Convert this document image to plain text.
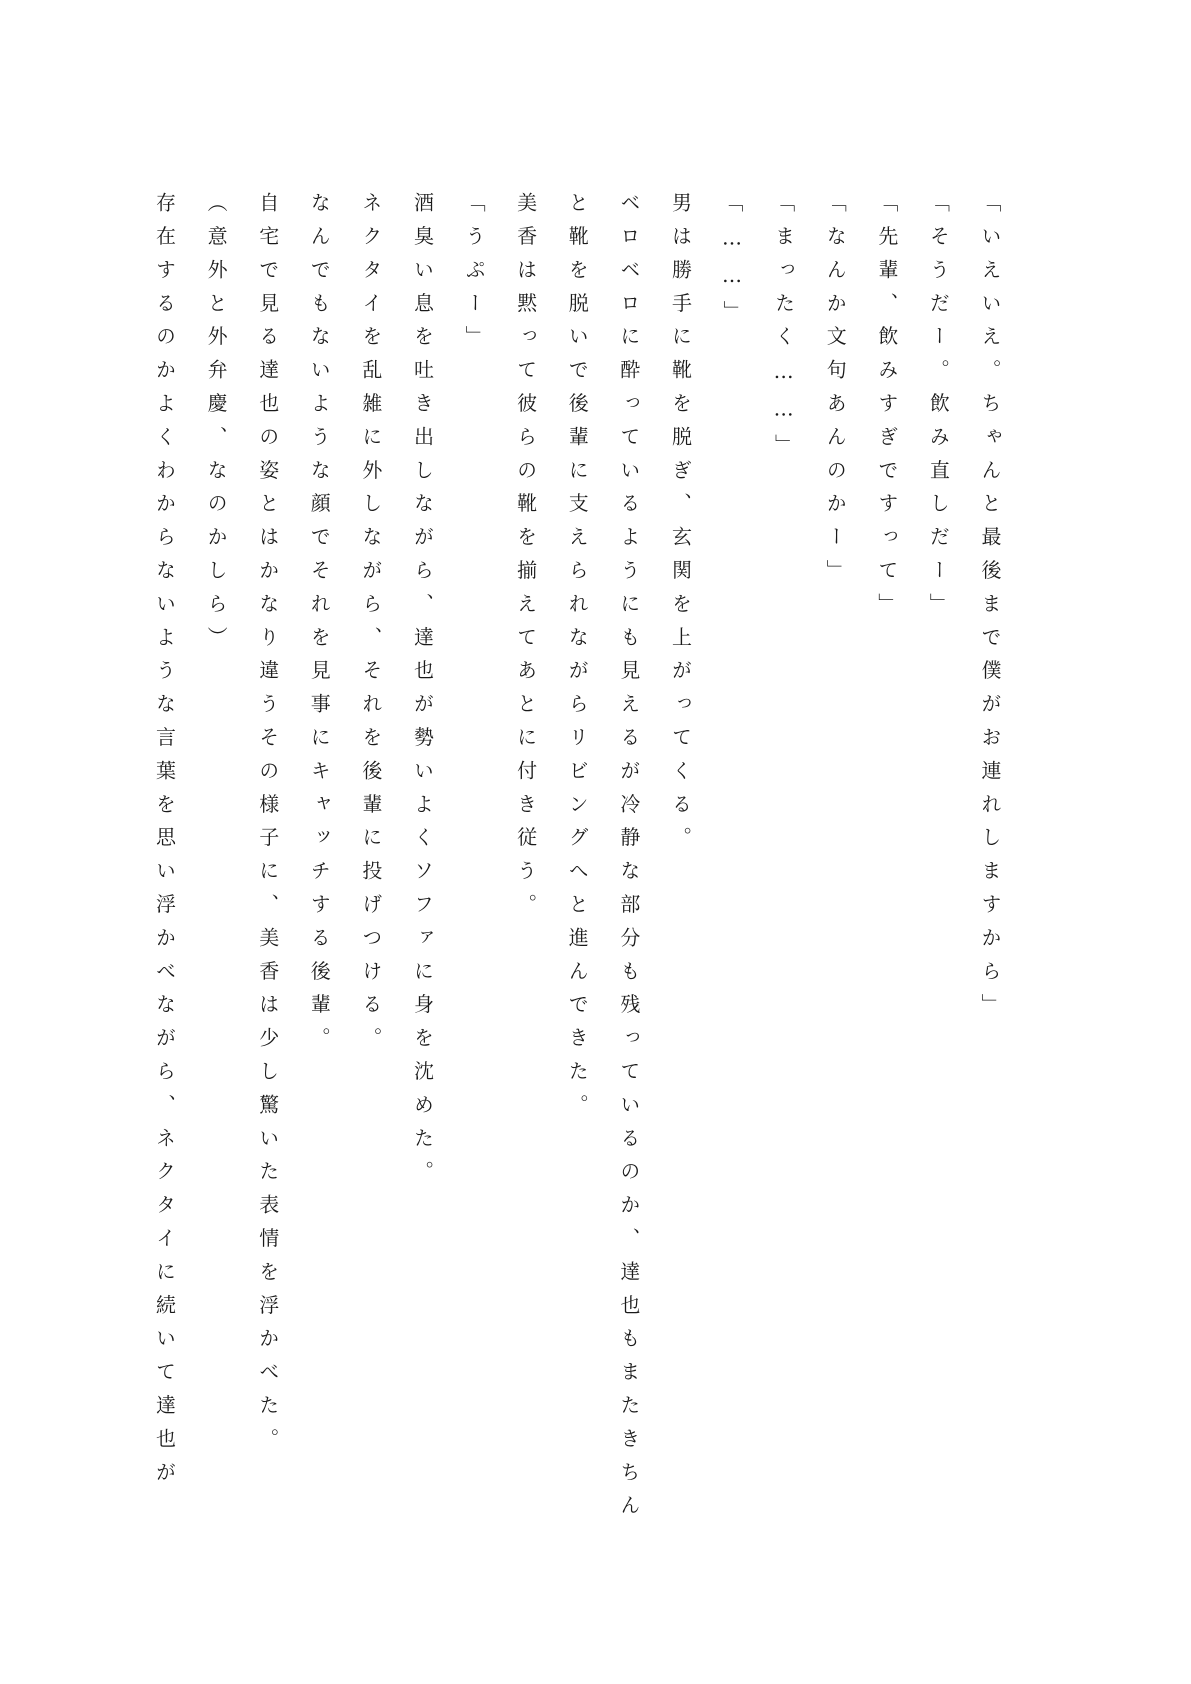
「いえいえ。ちゃんと最後まで僕がお連れしますから」

「そうだー。飲み直しだー」

「先輩、飲みすぎですって」

「なんか文句あんのかー」

「まったく……」

「……」

男は勝手に靴を脱ぎ、玄関を上がってくる。

ベロベロに酔っているようにも見えるが冷静な部分も残っているのか、達也もまたきちんと靴を脱いで後輩に支えられながらリビングへと進んできた。

美香は黙って彼らの靴を揃えてあとに付き従う。

「うぷー」

酒臭い息を吐き出しながら、達也が勢いよくソファに身を沈めた。

ネクタイを乱雑に外しながら、それを後輩に投げつける。

なんでもないような顔でそれを見事にキャッチする後輩。

自宅で見る達也の姿とはかなり違うその様子に、美香は少し驚いた表情を浮かべた。

（意外と外弁慶、なのかしら）

存在するのかよくわからないような言葉を思い浮かべながら、ネクタイに続いて達也が
